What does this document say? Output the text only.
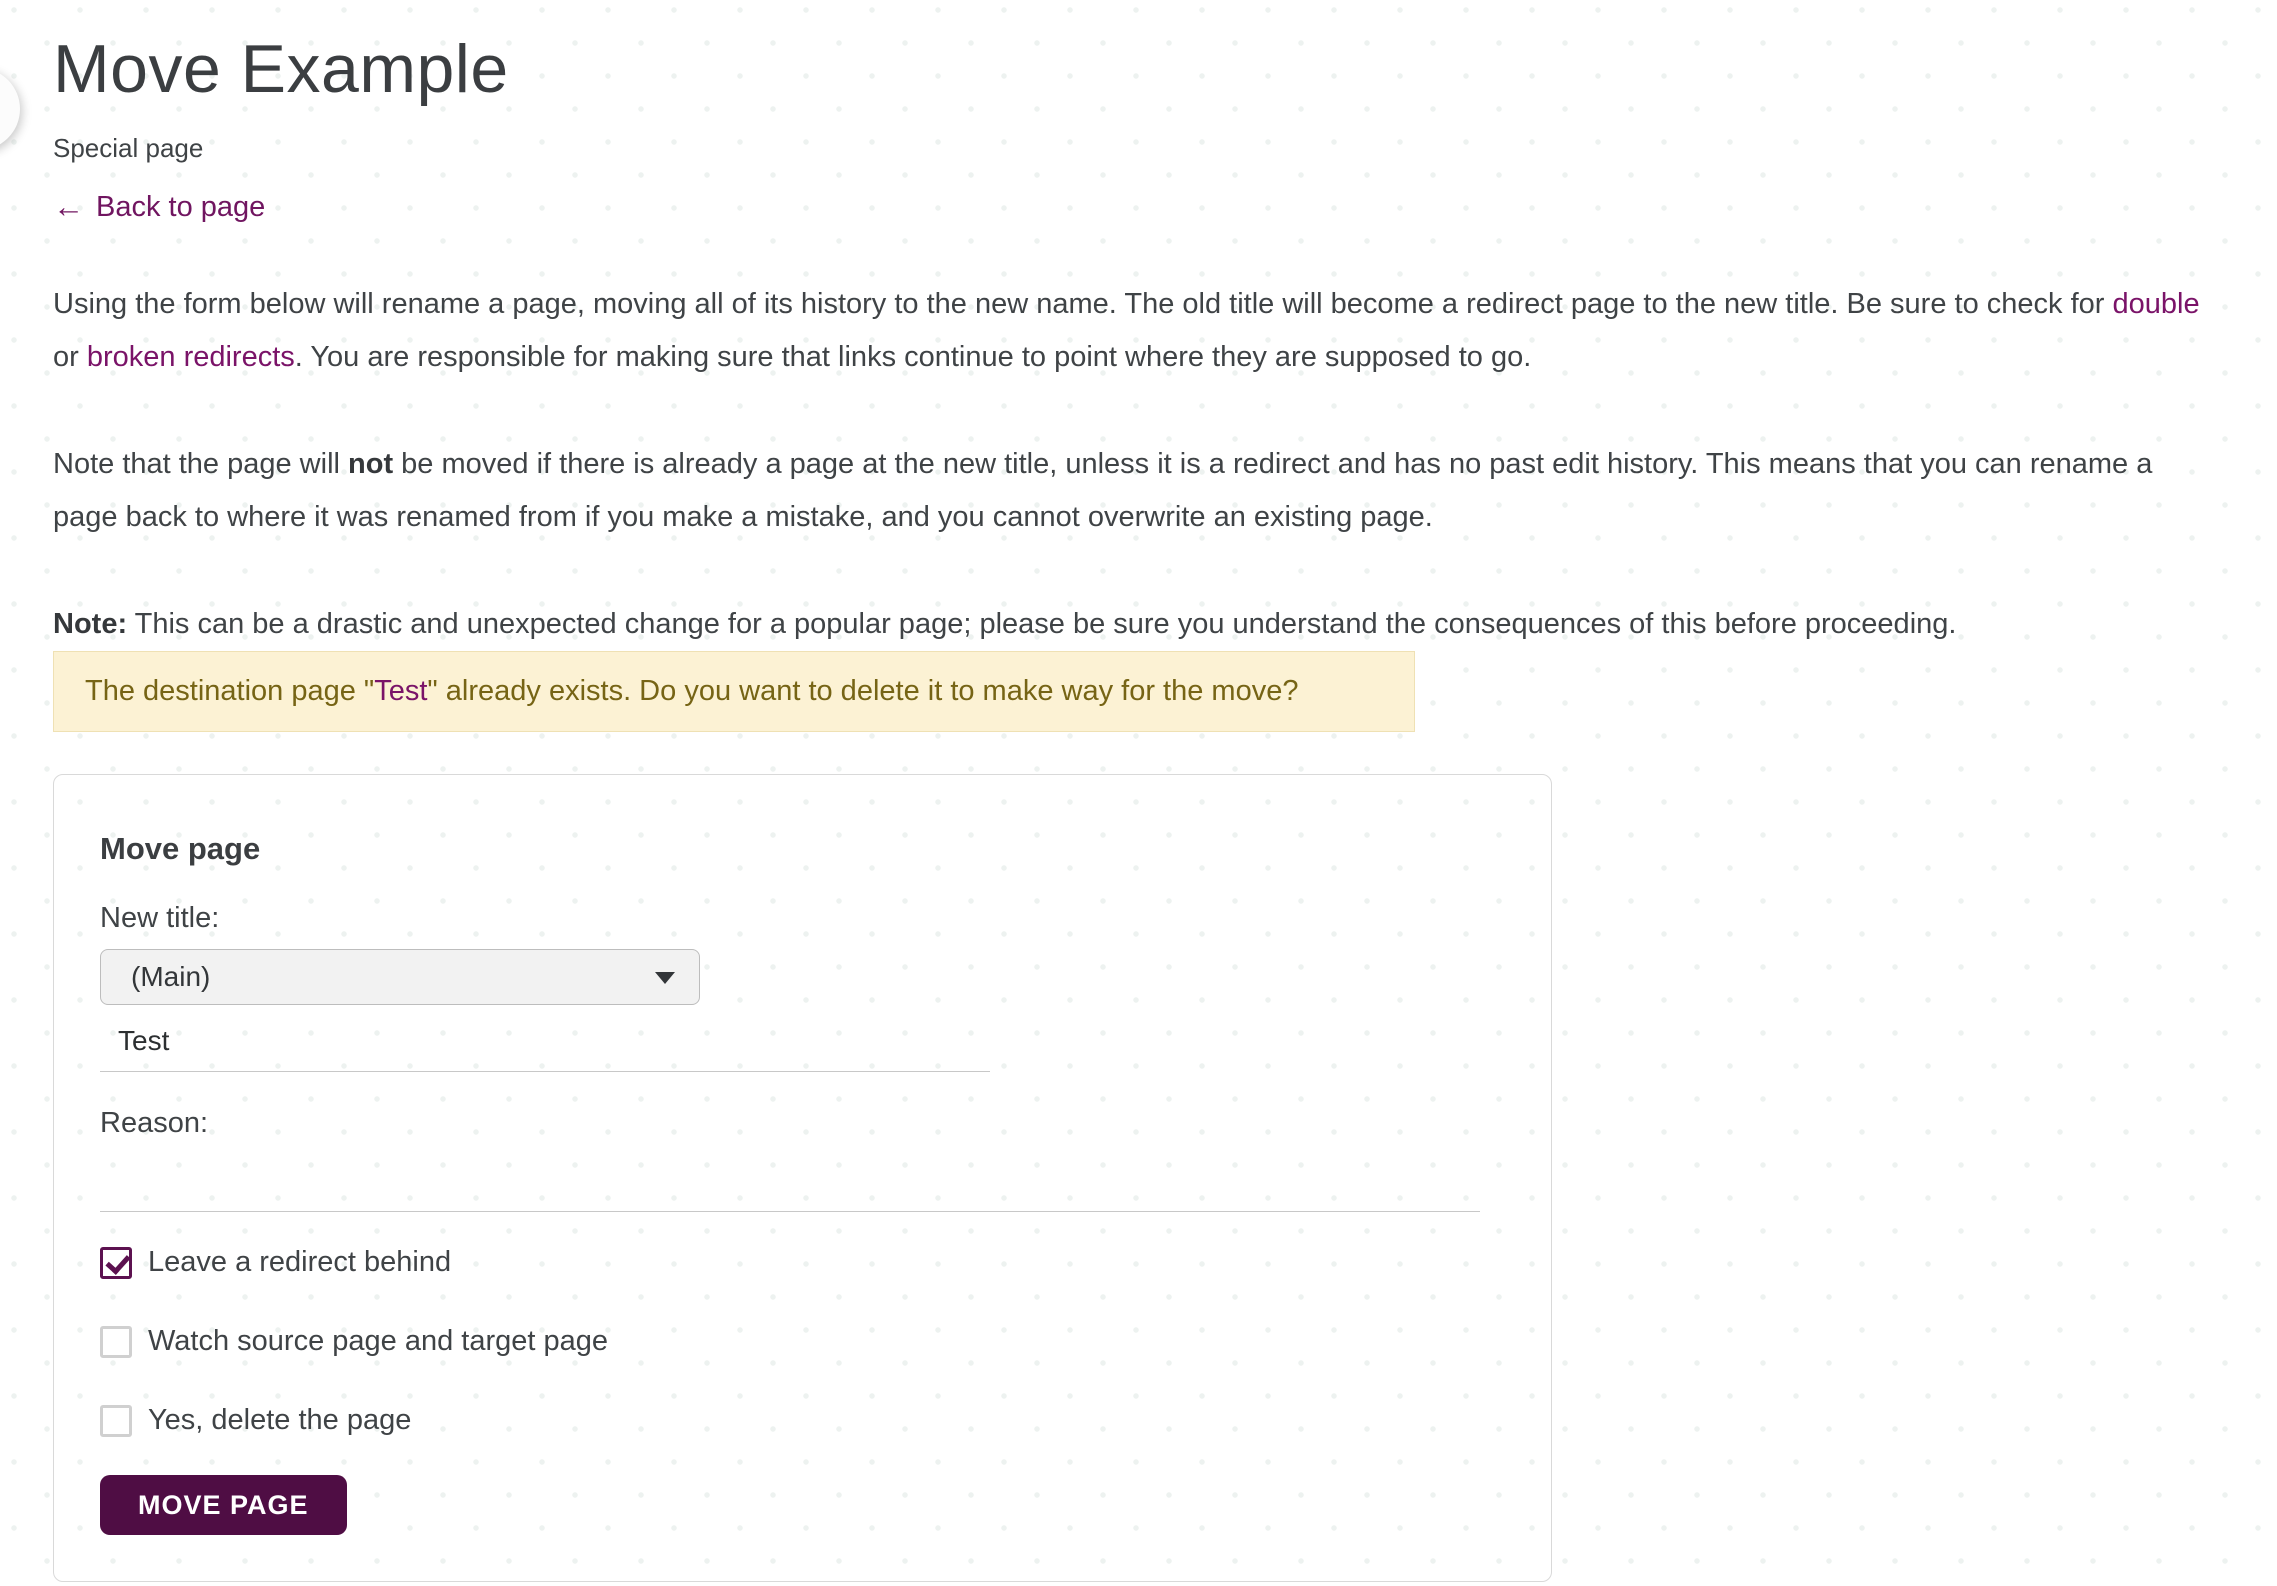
Move Example
Special page
← Back to page

Using the form below will rename a page, moving all of its history to the new name. The old title will become a redirect page to the new title. Be sure to check for double or broken redirects. You are responsible for making sure that links continue to point where they are supposed to go.

Note that the page will not be moved if there is already a page at the new title, unless it is a redirect and has no past edit history. This means that you can rename a page back to where it was renamed from if you make a mistake, and you cannot overwrite an existing page.

Note: This can be a drastic and unexpected change for a popular page; please be sure you understand the consequences of this before proceeding.

The destination page "Test" already exists. Do you want to delete it to make way for the move?
Move page
New title:
(Main)
Test
Reason:
Leave a redirect behind
Watch source page and target page
Yes, delete the page
MOVE PAGE
